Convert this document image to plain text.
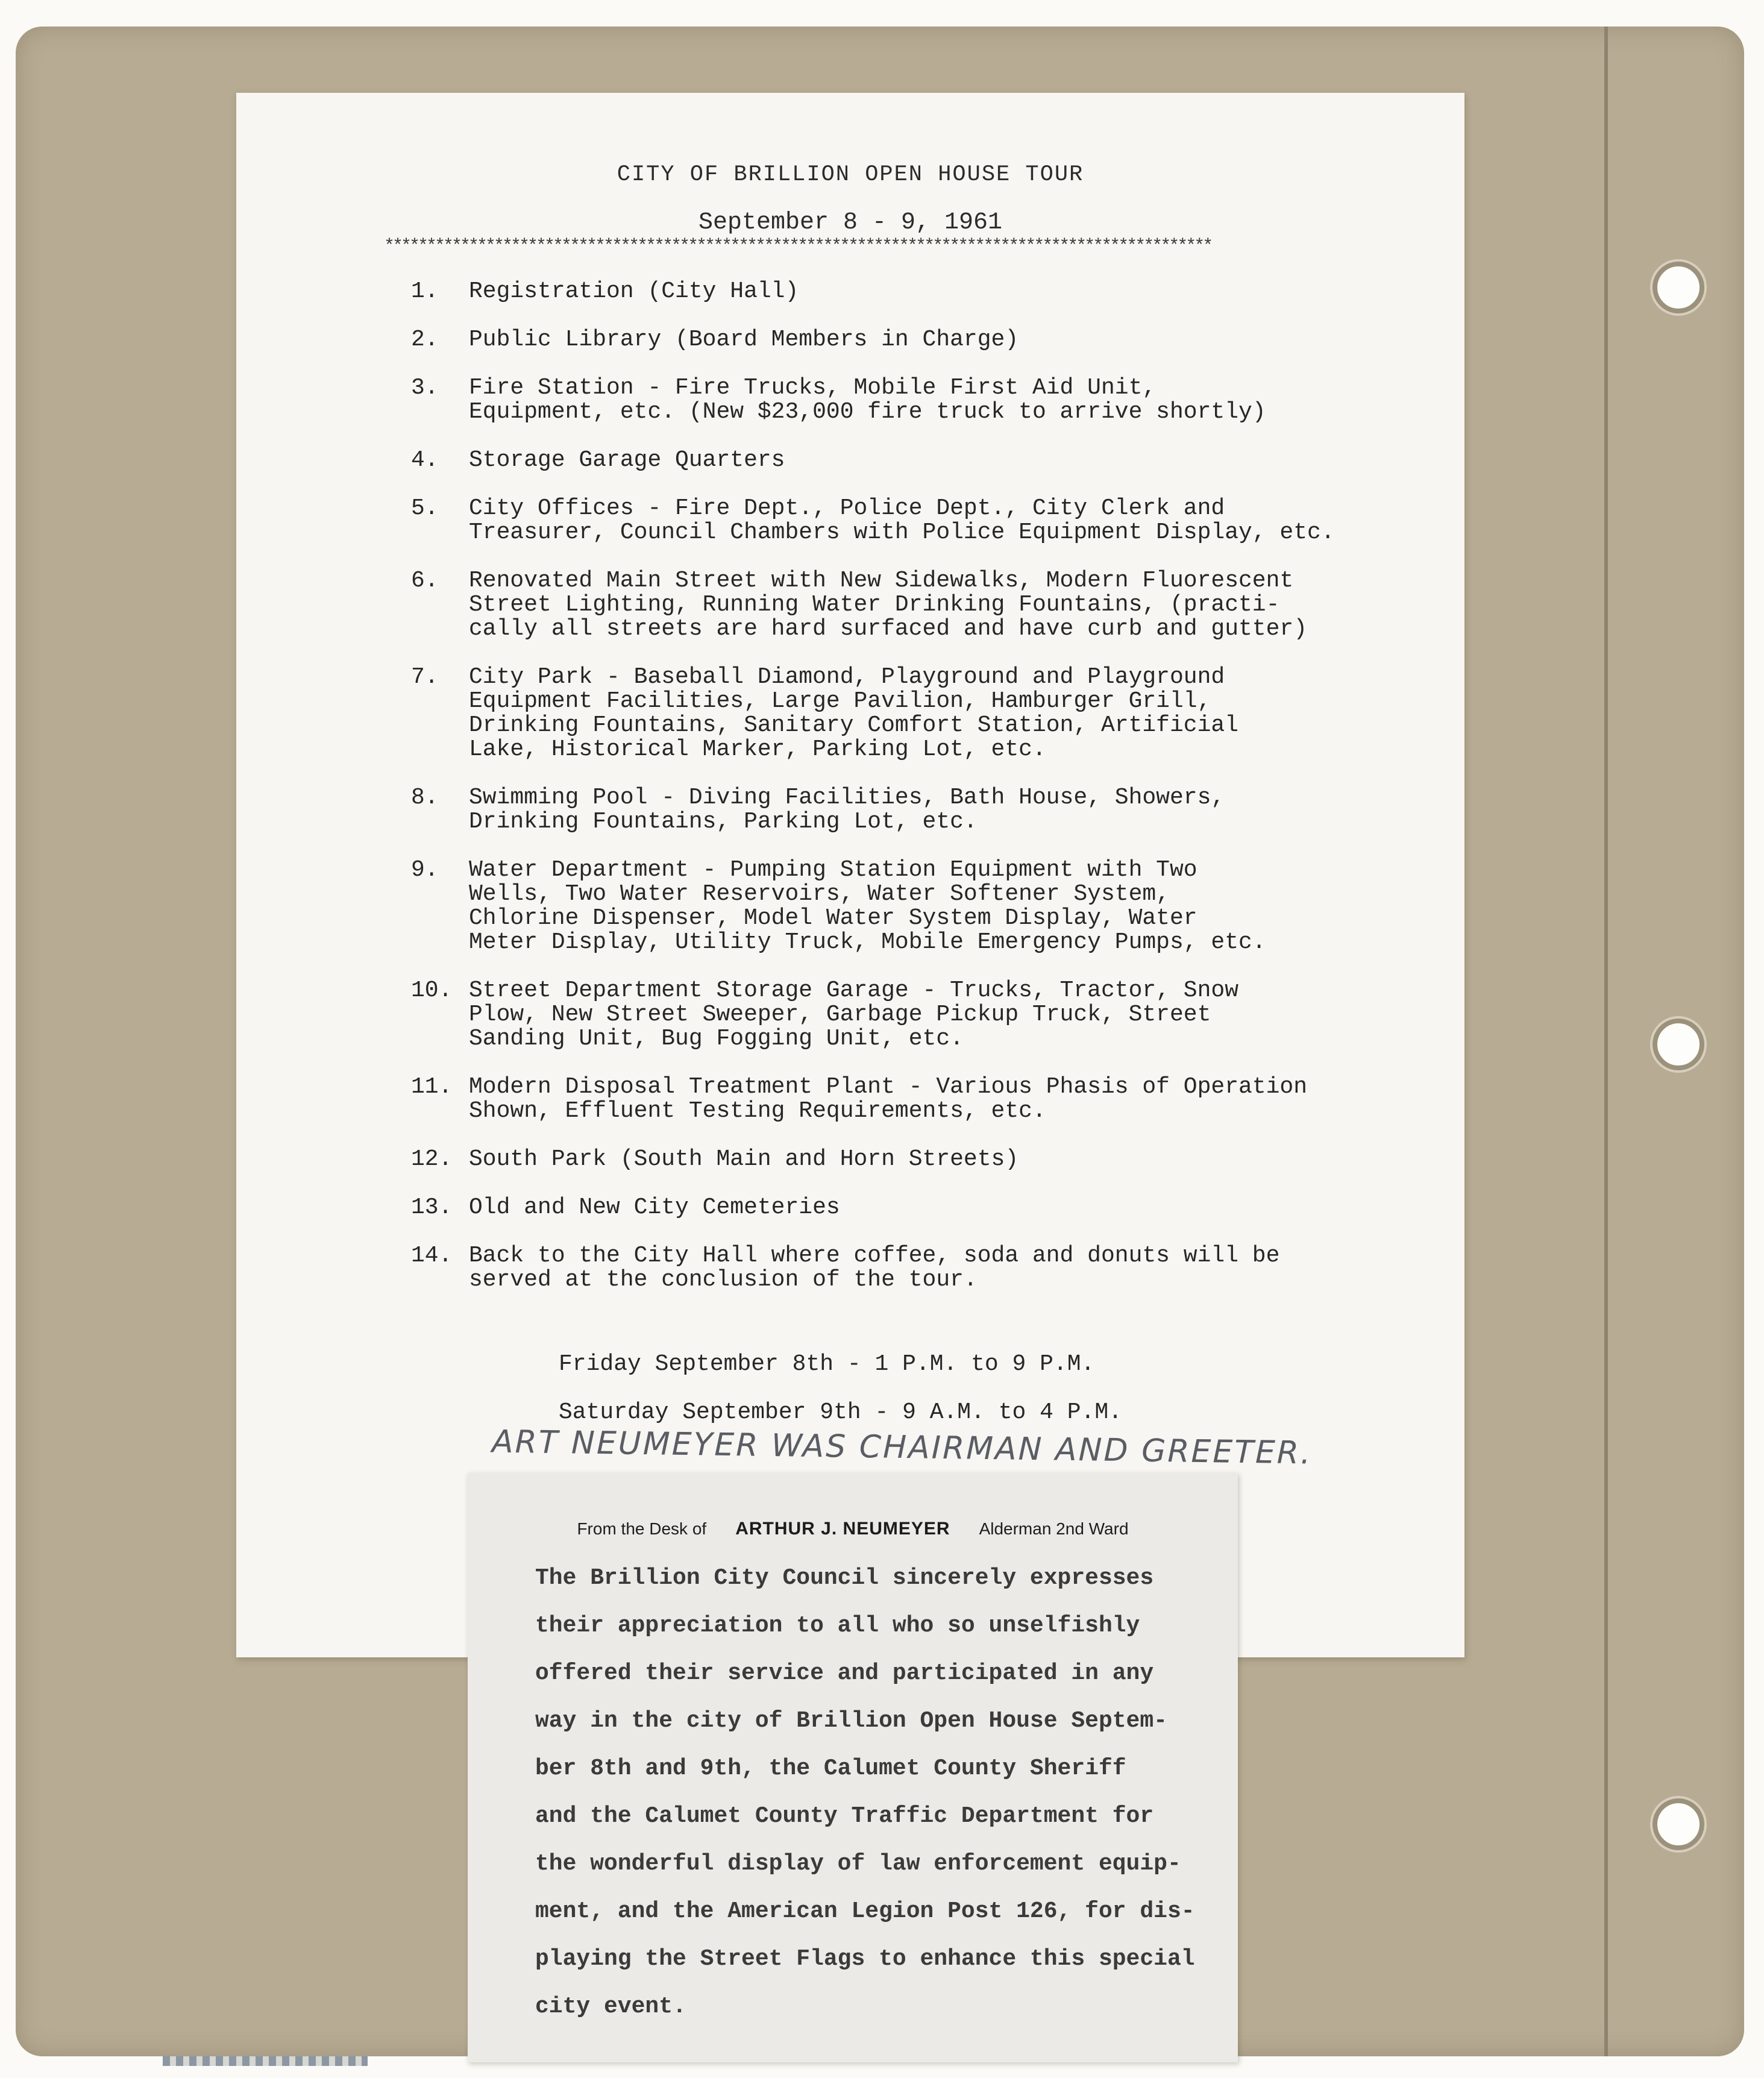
CITY OF BRILLION OPEN HOUSE TOUR
September 8 - 9, 1961
**************************************************************************************************
1.	Registration (City Hall)
2.	Public Library (Board Members in Charge)
3.	Fire Station - Fire Trucks, Mobile First Aid Unit,
Equipment, etc. (New $23,000 fire truck to arrive shortly)
4.	Storage Garage Quarters
5.	City Offices - Fire Dept., Police Dept., City Clerk and
Treasurer, Council Chambers with Police Equipment Display, etc.
6.	Renovated Main Street with New Sidewalks, Modern Fluorescent
Street Lighting, Running Water Drinking Fountains, (practi-
cally all streets are hard surfaced and have curb and gutter)
7.	City Park - Baseball Diamond, Playground and Playground
Equipment Facilities, Large Pavilion, Hamburger Grill,
Drinking Fountains, Sanitary Comfort Station, Artificial
Lake, Historical Marker, Parking Lot, etc.
8.	Swimming Pool - Diving Facilities, Bath House, Showers,
Drinking Fountains, Parking Lot, etc.
9.	Water Department - Pumping Station Equipment with Two
Wells, Two Water Reservoirs, Water Softener System,
Chlorine Dispenser, Model Water System Display, Water
Meter Display, Utility Truck, Mobile Emergency Pumps, etc.
10. Street Department Storage Garage - Trucks, Tractor, Snow
Plow, New Street Sweeper, Garbage Pickup Truck, Street
Sanding Unit, Bug Fogging Unit, etc.
11. Modern Disposal Treatment Plant - Various Phasis of Operation
Shown, Effluent Testing Requirements, etc.
12. South Park (South Main and Horn Streets)
13. Old and New City Cemeteries
14. Back to the City Hall where coffee, soda and donuts will be
served at the conclusion of the tour.
Friday September 8th - 1 P.M. to 9 P.M.
Saturday September 9th - 9 A.M. to 4 P.M.
ART NEUMEYER WAS CHAIRMAN AND GREETER.
From the Desk of ARTHUR J. NEUMEYER Alderman 2nd Ward
The Brillion City Council sincerely expresses
their appreciation to all who so unselfishly
offered their service and participated in any
way in the city of Brillion Open House Septem-
ber 8th and 9th, the Calumet County Sheriff
and the Calumet County Traffic Department for
the wonderful display of law enforcement equip-
ment, and the American Legion Post 126, for dis-
playing the Street Flags to enhance this special
city event.
